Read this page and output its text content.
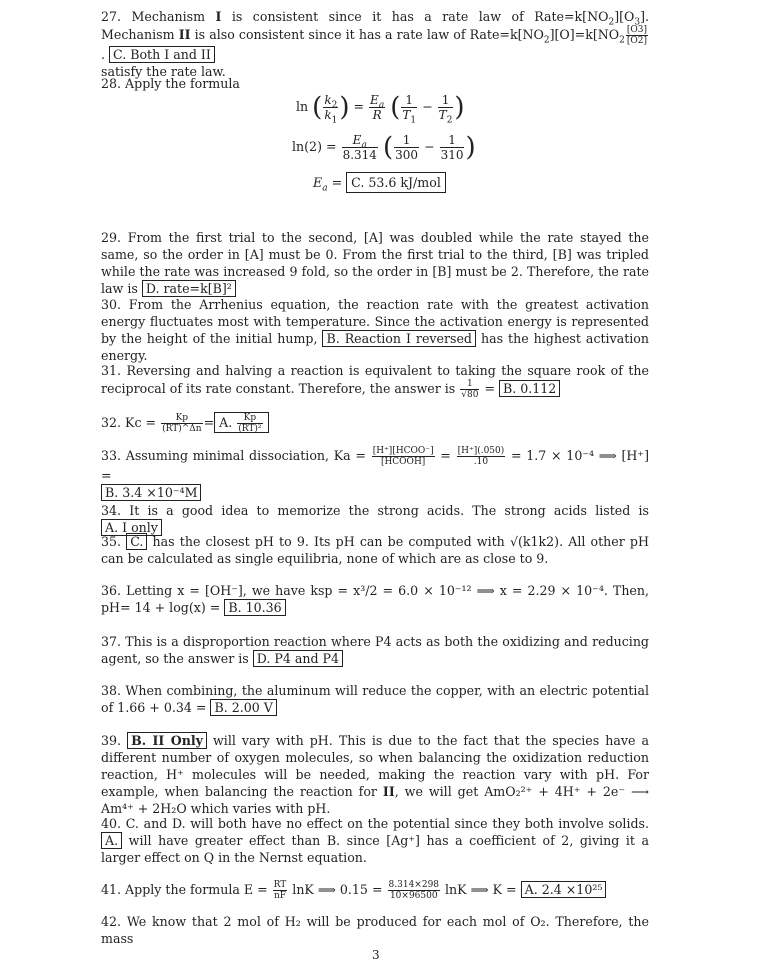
27. Mechanism I is consistent since it has a rate law of $Rate=k[NO_2][O_3]$. Mechanism II is also consistent since it has a rate law of $Rate=k[NO_2][O]=k[NO_2 \frac{[O3]}{[O2]}$
. C. Both I and II
satisfy the rate law.
28. Apply the formula
ln ( $\frac{k_2}{k_1}$ ) = $\frac{E_a}{R}$ ( $\frac{1}{T_1} - \frac{1}{T_2}$ )
$\ln(2) = \frac{E_a}{8.314}$ ( $\frac{1}{300} - \frac{1}{310}$ )
$E_a = C$. 53.6 kJ/mol
29. From the first trial to the second, [A] was doubled while the rate stayed the same, so the order in [A] must be 0. From the first trial to the third, [B] was tripled while the rate was increased 9 fold, so the order in [B] must be 2. Therefore, the rate law is D. rate=k[B]²
30. From the Arrhenius equation, the reaction rate with the greatest activation energy fluctuates most with temperature. Since the activation energy is represented by the height of the initial hump, B. Reaction I reversed has the highest activation energy.
31. Reversing and halving a reaction is equivalent to taking the square rook of the reciprocal of its rate constant. Therefore, the answer is $\frac{1}{√80} = B$. 0.112
32. $Kc = \frac{Kp}{(RT)\^{}\Delta n} = A$. $\frac{Kp}{\text{(RT)²}}$
33. Assuming minimal dissociation, $Ka = \frac{\text{[H⁺][HCOO⁻]}}{\text{[HCOOH]}} = \frac{[H^+](.050)}{.10} = 1.7 \times 10^{-4}$ ⟹ [H⁺] =
B. 3.4 ×10⁻⁴M
34. It is a good idea to memorize the strong acids. The strong acids listed is A. I only
35. C. has the closest pH to 9. Its pH can be computed with √(k1k2). All other pH can be calculated as single equilibria, none of which are as close to 9.
36. Letting x = [OH⁻], we have ksp = x³/2 = 6.0 × 10⁻¹² ⟹ x = 2.29 × 10⁻⁴. Then, pH= 14 + log(x) = B. 10.36
37. This is a disproportion reaction where P4 acts as both the oxidizing and reducing agent, so the answer is D. P4 and P4
38. When combining, the aluminum will reduce the copper, with an electric potential of 1.66 + 0.34 = B. 2.00 V
39. B. II Only will vary with pH. This is due to the fact that the species have a different number of oxygen molecules, so when balancing the oxidization reduction reaction, H⁺ molecules will be needed, making the reaction vary with pH. For example, when balancing the reaction for II, we will get AmO₂²⁺ + 4H⁺ + 2e⁻ ⟶ Am⁴⁺ + 2H₂O which varies with pH.
40. C. and D. will both have no effect on the potential since they both involve solids. A. will have greater effect than B. since [Ag⁺] has a coefficient of 2, giving it a larger effect on Q in the Nernst equation.
41. Apply the formula $E = \frac{RT}{nF}$ lnK ⟹ $0.15 = \frac{8.314\times 298}{10\times 96500}$ lnK ⟹ K = A. 2.4 ×10²⁵
42. We know that 2 mol of H₂ will be produced for each mol of O₂. Therefore, the mass
3
